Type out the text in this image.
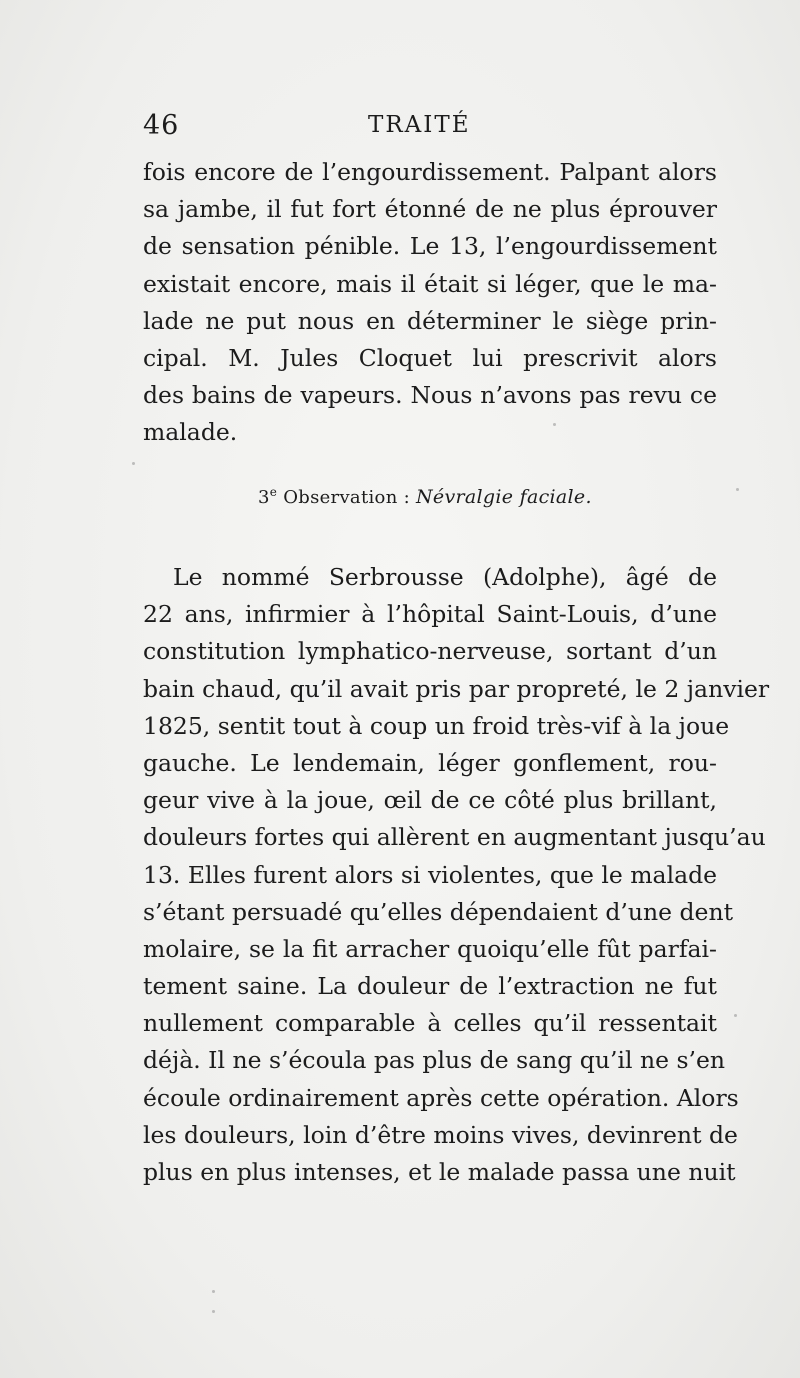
46	TRAITÉ
fois encore de l’engourdissement. Palpant alors
sa jambe, il fut fort étonné de ne plus éprouver
de sensation pénible. Le 13, l’engourdissement
existait encore, mais il était si léger, que le ma-
lade ne put nous en déterminer le siège prin-
cipal. M. Jules Cloquet lui prescrivit alors
des bains de vapeurs. Nous n’avons pas revu ce
malade.
3e Observation : Névralgie faciale.
Le nommé Serbrousse (Adolphe), âgé de
22 ans, infirmier à l’hôpital Saint-Louis, d’une
constitution lymphatico-nerveuse, sortant d’un
bain chaud, qu’il avait pris par propreté, le 2 janvier
1825, sentit tout à coup un froid très-vif à la joue
gauche. Le lendemain, léger gonflement, rou-
geur vive à la joue, œil de ce côté plus brillant,
douleurs fortes qui allèrent en augmentant jusqu’au
13. Elles furent alors si violentes, que le malade
s’étant persuadé qu’elles dépendaient d’une dent
molaire, se la fit arracher quoiqu’elle fût parfai-
tement saine. La douleur de l’extraction ne fut
nullement comparable à celles qu’il ressentait
déjà. Il ne s’écoula pas plus de sang qu’il ne s’en
écoule ordinairement après cette opération. Alors
les douleurs, loin d’être moins vives, devinrent de
plus en plus intenses, et le malade passa une nuit
